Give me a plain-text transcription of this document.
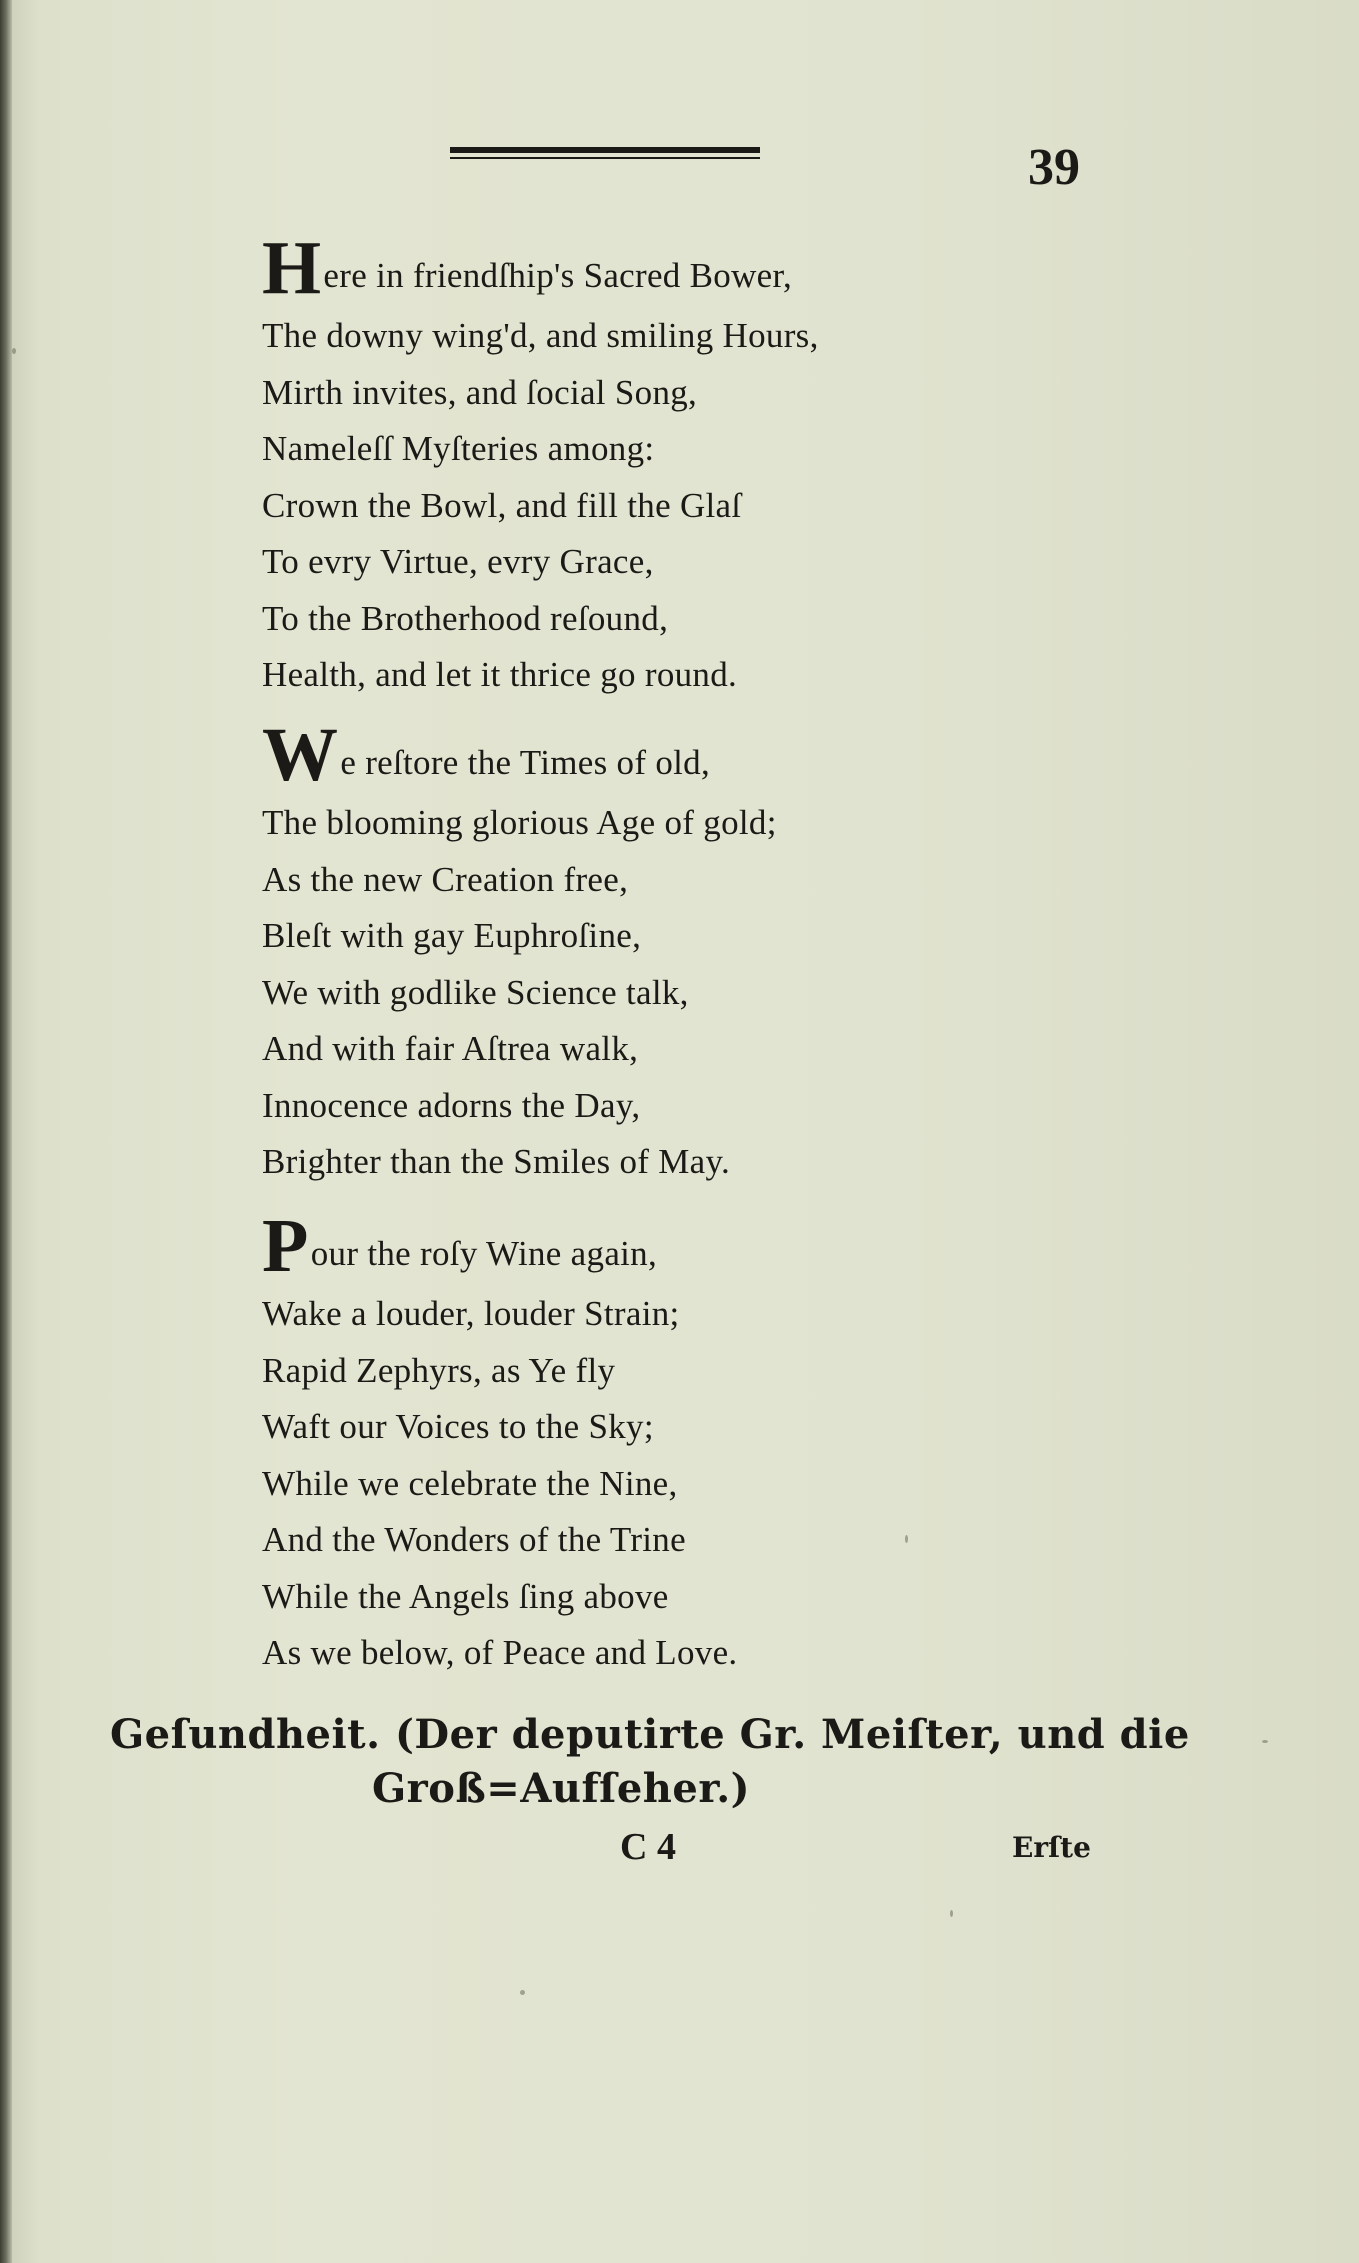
39
Here in friendſhip's Sacred Bower,
The downy wing'd, and smiling Hours,
Mirth invites, and ſocial Song,
Nameleſſ Myſteries among:
Crown the Bowl, and fill the Glaſ
To evry Virtue, evry Grace,
To the Brotherhood reſound,
Health, and let it thrice go round.
We reſtore the Times of old,
The blooming glorious Age of gold;
As the new Creation free,
Bleſt with gay Euphroſine,
We with godlike Science talk,
And with fair Aſtrea walk,
Innocence adorns the Day,
Brighter than the Smiles of May.
Pour the roſy Wine again,
Wake a louder, louder Strain;
Rapid Zephyrs, as Ye fly
Waft our Voices to the Sky;
While we celebrate the Nine,
And the Wonders of the Trine
While the Angels ſing above
As we below, of Peace and Love.
Geſundheit. (Der deputirte Gr. Meiſter, und die
Groß=Aufſeher.)
C 4	Erſte
